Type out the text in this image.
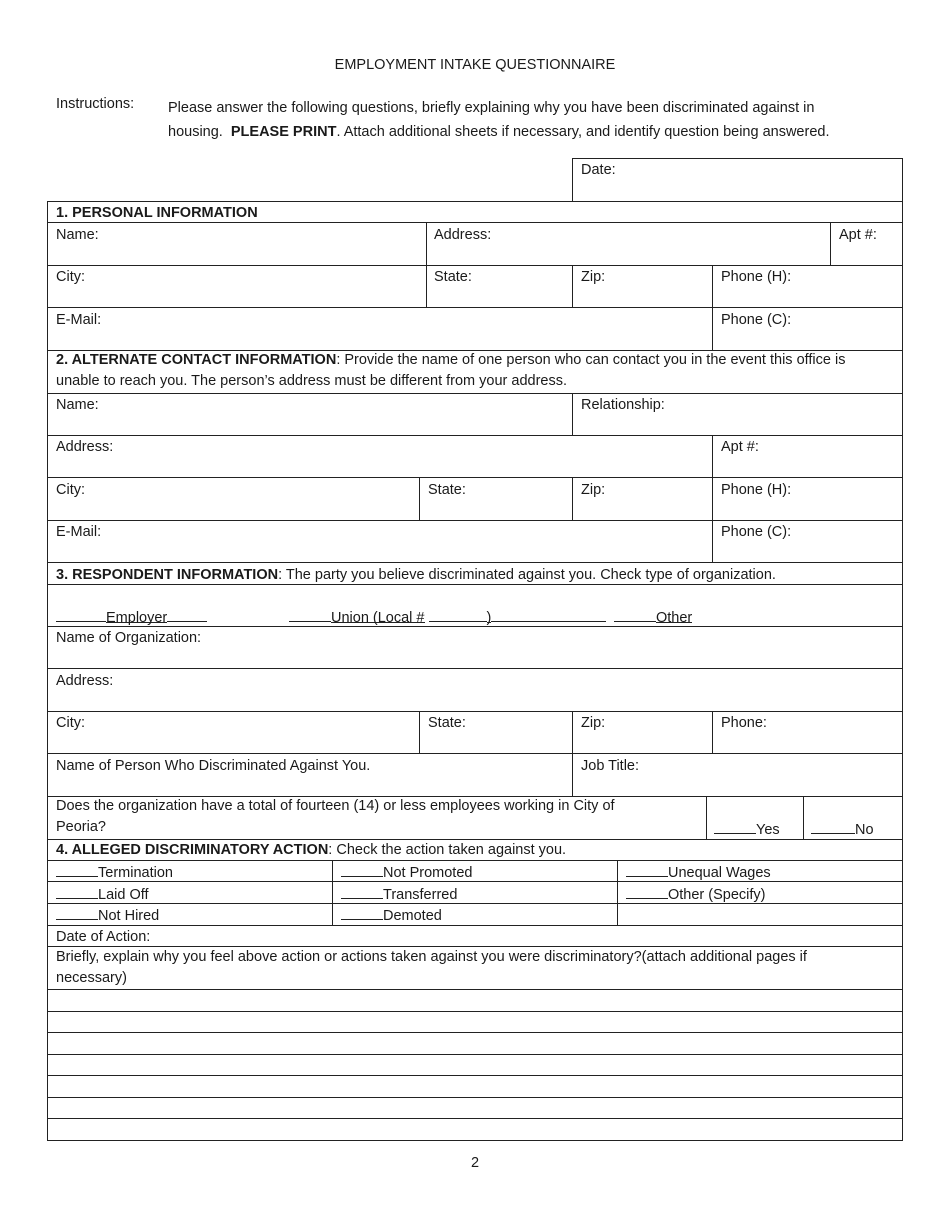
EMPLOYMENT INTAKE QUESTIONNAIRE
Instructions: Please answer the following questions, briefly explaining why you have been discriminated against in
housing. PLEASE PRINT. Attach additional sheets if necessary, and identify question being answered.
Date:
1. PERSONAL INFORMATION
Name:	Address:	Apt #:
City:	State:	Zip:	Phone (H):
E-Mail:	Phone (C):
2. ALTERNATE CONTACT INFORMATION: Provide the name of one person who can contact you in the event this office is
unable to reach you. The person’s address must be different from your address.
Name:	Relationship:
Address:	Apt #:
City:	State:	Zip:	Phone (H):
E-Mail:	Phone (C):
3. RESPONDENT INFORMATION: The party you believe discriminated against you. Check type of organization.
Employer	Union (Local #	)	Other
Name of Organization:
Address:
City:	State:	Zip:	Phone:
Name of Person Who Discriminated Against You.	Job Title:
Does the organization have a total of fourteen (14) or less employees working in City of
Peoria?	Yes	No
4. ALLEGED DISCRIMINATORY ACTION: Check the action taken against you.
Termination	Not Promoted	Unequal Wages
Laid Off	Transferred	Other (Specify)
Not Hired	Demoted
Date of Action:
Briefly, explain why you feel above action or actions taken against you were discriminatory?(attach additional pages if
necessary)
2
